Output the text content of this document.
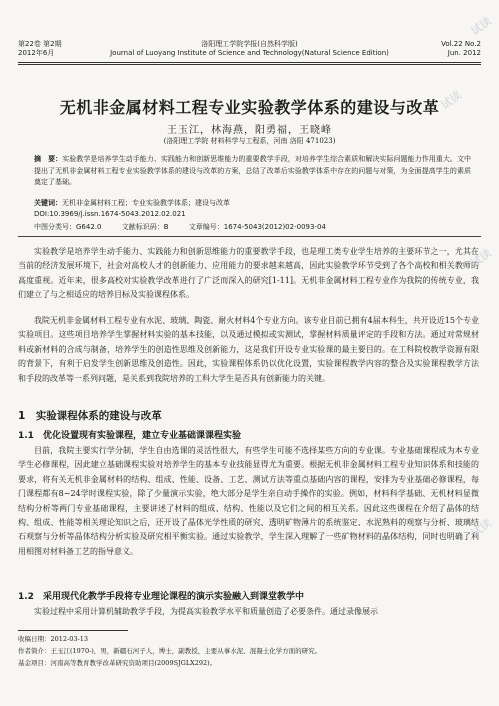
第22卷 第2期
2012年6月
洛阳理工学院学报(自然科学版)
Journal of Luoyang Institute of Science and Technology(Natural Science Edition)
Vol.22 No.2
Jun. 2012
无机非金属材料工程专业实验教学体系的建设与改革
王玉江，林海燕，阳勇福，王晓峰
(洛阳理工学院 材料科学与工程系，河南 洛阳 471023)
摘　要：实验教学是培养学生动手能力、实践能力和创新思维能力的重要教学手段，对培养学生综合素质和解决实际问题能力作用重大。文中提出了无机非金属材料工程专业实验教学体系的建设与改革的方案，总结了改革后实验教学体系中存在的问题与对策，为全面提高学生的素质奠定了基础。
关键词：无机非金属材料工程；专业实验教学体系；建设与改革
DOI:10.3969/j.issn.1674-5043.2012.02.021
中图分类号：G642.0	文献标识码：B	文章编号：1674-5043(2012)02-0093-04

实验教学是培养学生动手能力、实践能力和创新思维能力的重要教学手段，也是理工类专业学生培养的主要环节之一，尤其在当前的经济发展环境下，社会对高校人才的创新能力、应用能力的要求越来越高，因此实验教学环节受到了各个高校和相关教师的高度重视。近年来，很多高校对实验教学改革进行了广泛而深入的研究[1-11]。无机非金属材料工程专业作为我院的传统专业，我们建立了与之相适应的培养目标及实验课程体系。

我院无机非金属材料工程专业有水泥、玻璃、陶瓷、耐火材料4个专业方向。该专业目前已拥有4届本科生，共开设近15个专业实验项目。这些项目培养学生掌握材料实验的基本技能，以及通过模拟或实测试，掌握材料质量评定的手段和方法。通过对常规材料或新材料的合成与制备，培养学生的创造性思维及创新能力，这是我们开设专业实验课的最主要目的。在工科院校教学资源有限的背景下，有利于启发学生创新思维及创造性。因此，实验课程体系仍以优化设置，实验课程教学内容的整合及实验课程教学方法和手段的改革等一系列问题，是关系到我院培养的工科大学生是否具有创新能力的关键。

1　 实验课程体系的建设与改革
1.1　 优化设置现有实验课程，建立专业基础课课程实验

目前，我院主要实行学分制，学生自由选课的灵活性很大，有些学生可能不选择某些方向的专业课。专业基础课程成为本专业学生必修课程，因此建立基础课程实验对培养学生的基本专业技能显得尤为重要。根据无机非金属材料工程专业知识体系和技能的要求，将有关无机非金属材料的结构、组成、性能、设备、工艺、测试方法等重点基础内容的课程，安排为专业基础必修课程，每门课程都有8~24学时课程实验，除了少量演示实验，绝大部分是学生亲自动手操作的实验。例如，材料科学基础、无机材料显微结构分析等两门专业基础课程，主要讲述了材料的组成、结构、性能以及它们之间的相互关系。因此这些课程在介绍了晶体的结构、组成、性能等相关理论知识之后，还开设了晶体光学性质的研究、透明矿物薄片的系统鉴定、水泥熟料的观察与分析、玻璃结石观察与分析等晶体结构分析实验及研究相平衡实验。通过实验教学，学生深入理解了一些矿物材料的晶体结构，同时也明确了利用相图对材料备工艺的指导意义。

1.2　 采用现代化教学手段将专业理论课程的演示实验融入到课堂教学中

实验过程中采用计算机辅助教学手段，为提高实验教学水平和质量创造了必要条件。通过录像展示

收稿日期：2012-03-13
作者简介：王玉江(1970-)，男，新疆石河子人，博士，副教授，主要从事水泥、混凝土化学方面的研究。
基金项目：河南高等教育教学改革研究资助项目(2009SJGLX292)。
试读
试读
试读
试读
